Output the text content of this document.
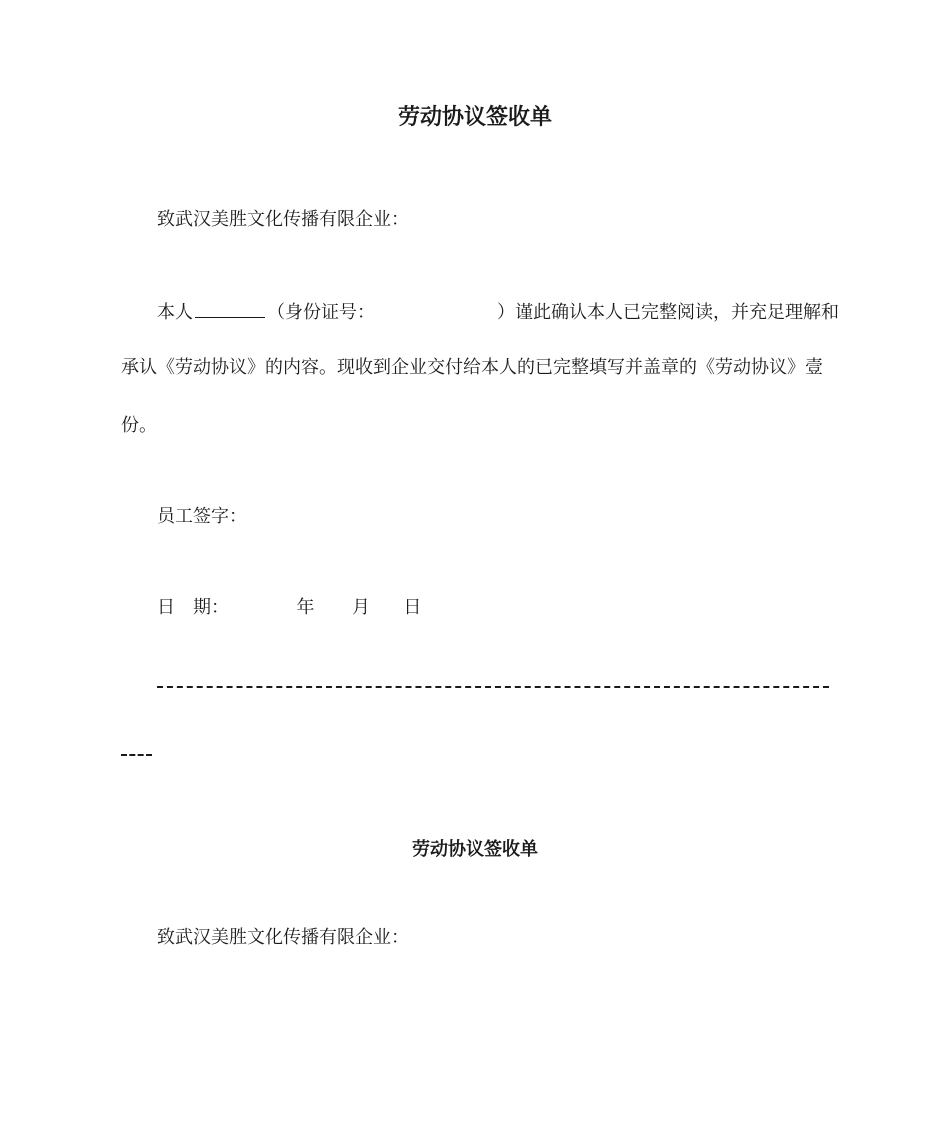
劳动协议签收单
致武汉美胜文化传播有限企业：
本人	（身份证号：	）谨此确认本人已完整阅读，并充足理解和
承认《劳动协议》的内容。现收到企业交付给本人的已完整填写并盖章的《劳动协议》壹
份。
员工签字：
日　期：	年 月 日
劳动协议签收单
致武汉美胜文化传播有限企业：
